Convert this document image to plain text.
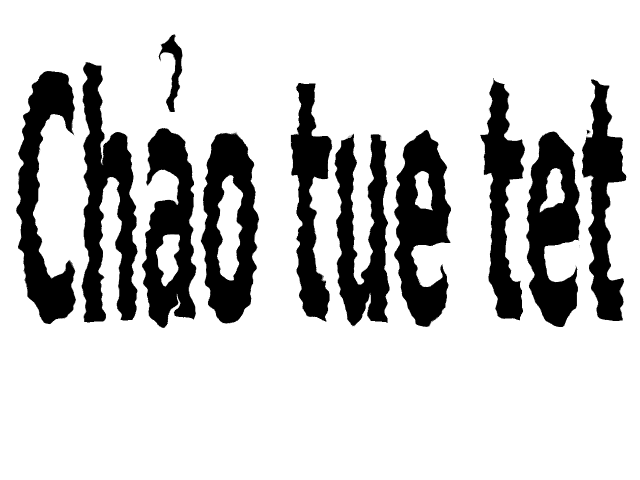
Chảo tue tet
